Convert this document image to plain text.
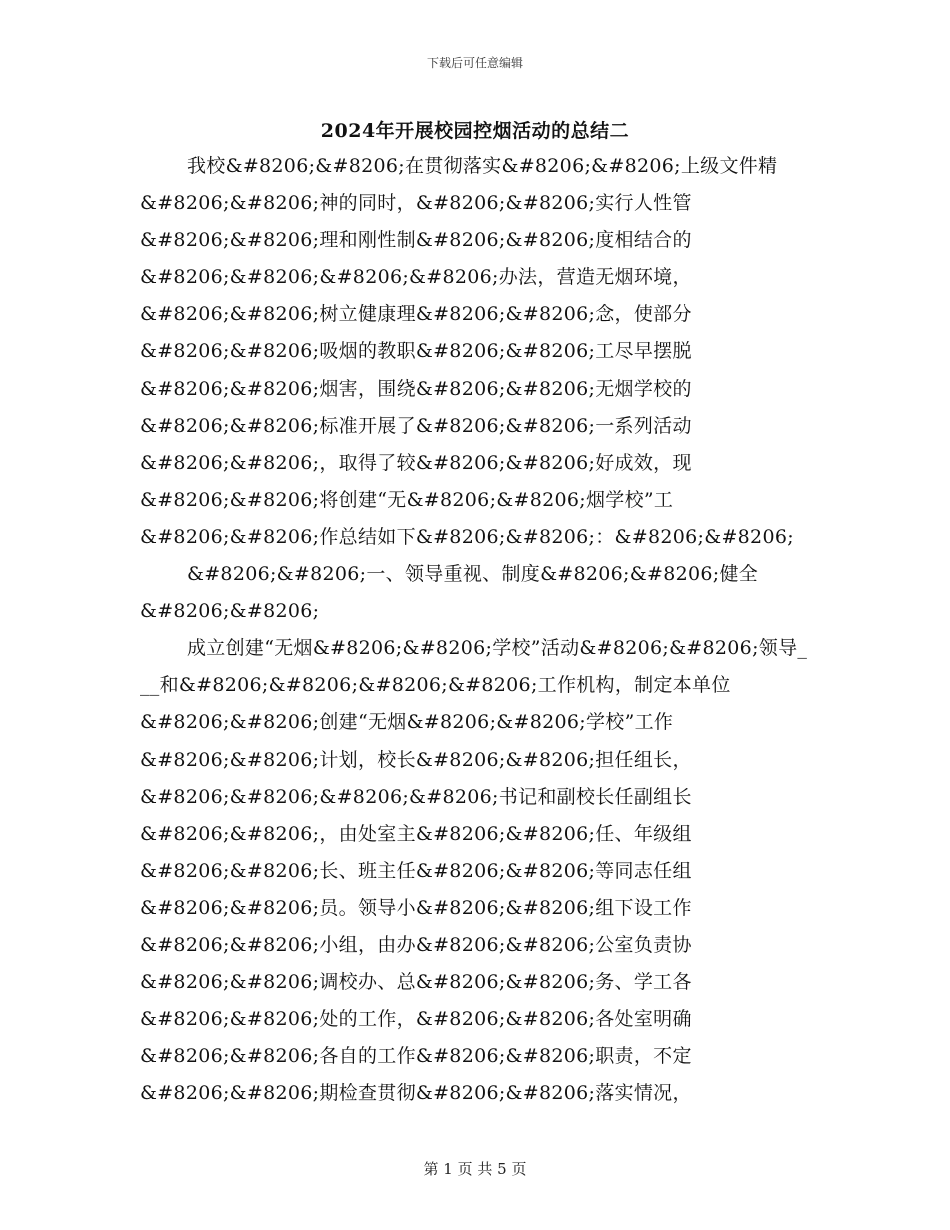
下载后可任意编辑
2024年开展校园控烟活动的总结二
我校&#8206;&#8206;在贯彻落实&#8206;&#8206;上级文件精
&#8206;&#8206;神的同时，&#8206;&#8206;实行人性管
&#8206;&#8206;理和刚性制&#8206;&#8206;度相结合的
&#8206;&#8206;&#8206;&#8206;办法，营造无烟环境，
&#8206;&#8206;树立健康理&#8206;&#8206;念，使部分
&#8206;&#8206;吸烟的教职&#8206;&#8206;工尽早摆脱
&#8206;&#8206;烟害，围绕&#8206;&#8206;无烟学校的
&#8206;&#8206;标准开展了&#8206;&#8206;一系列活动
&#8206;&#8206;，取得了较&#8206;&#8206;好成效，现
&#8206;&#8206;将创建“无&#8206;&#8206;烟学校”工
&#8206;&#8206;作总结如下&#8206;&#8206;：&#8206;&#8206;
&#8206;&#8206;一、领导重视、制度&#8206;&#8206;健全
&#8206;&#8206;
成立创建“无烟&#8206;&#8206;学校”活动&#8206;&#8206;领导_
__和&#8206;&#8206;&#8206;&#8206;工作机构，制定本单位
&#8206;&#8206;创建“无烟&#8206;&#8206;学校”工作
&#8206;&#8206;计划，校长&#8206;&#8206;担任组长，
&#8206;&#8206;&#8206;&#8206;书记和副校长任副组长
&#8206;&#8206;，由处室主&#8206;&#8206;任、年级组
&#8206;&#8206;长、班主任&#8206;&#8206;等同志任组
&#8206;&#8206;员。领导小&#8206;&#8206;组下设工作
&#8206;&#8206;小组，由办&#8206;&#8206;公室负责协
&#8206;&#8206;调校办、总&#8206;&#8206;务、学工各
&#8206;&#8206;处的工作，&#8206;&#8206;各处室明确
&#8206;&#8206;各自的工作&#8206;&#8206;职责，不定
&#8206;&#8206;期检查贯彻&#8206;&#8206;落实情况，
第 1 页 共 5 页
